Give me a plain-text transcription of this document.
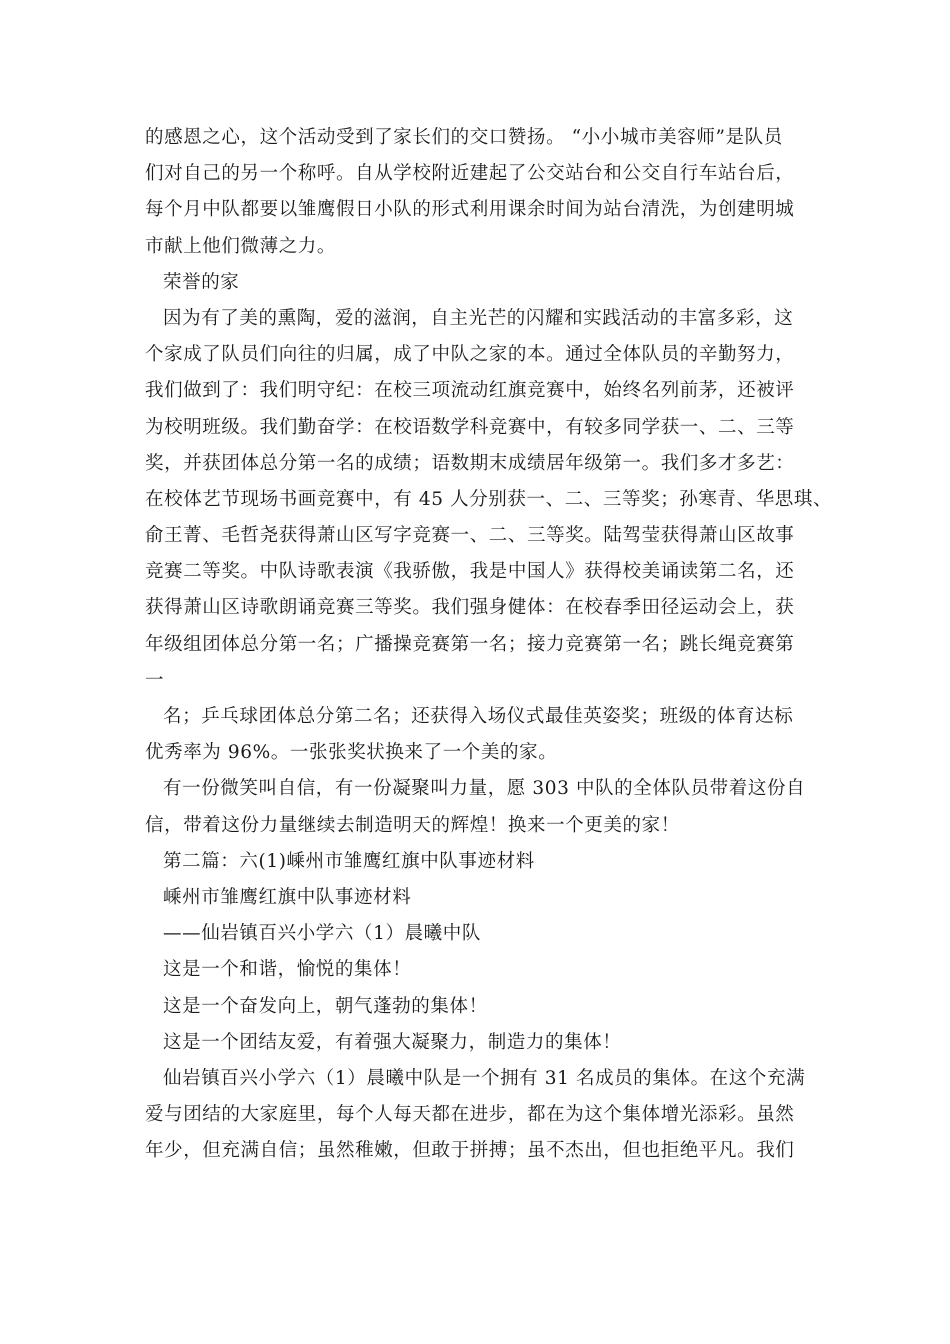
的感恩之心，这个活动受到了家长们的交口赞扬。 “小小城市美容师”是队员
们对自己的另一个称呼。自从学校附近建起了公交站台和公交自行车站台后，
每个月中队都要以雏鹰假日小队的形式利用课余时间为站台清洗，为创建明城
市献上他们微薄之力。
荣誉的家
因为有了美的熏陶，爱的滋润，自主光芒的闪耀和实践活动的丰富多彩，这
个家成了队员们向往的归属，成了中队之家的本。通过全体队员的辛勤努力，
我们做到了：我们明守纪：在校三项流动红旗竞赛中，始终名列前茅，还被评
为校明班级。我们勤奋学：在校语数学科竞赛中，有较多同学获一、二、三等
奖，并获团体总分第一名的成绩；语数期末成绩居年级第一。我们多才多艺：
在校体艺节现场书画竞赛中，有 45 人分别获一、二、三等奖；孙寒青、华思琪、
俞王菁、毛哲尧获得萧山区写字竞赛一、二、三等奖。陆驾莹获得萧山区故事
竞赛二等奖。中队诗歌表演《我骄傲，我是中国人》获得校美诵读第二名，还
获得萧山区诗歌朗诵竞赛三等奖。我们强身健体：在校春季田径运动会上，获
年级组团体总分第一名；广播操竞赛第一名；接力竞赛第一名；跳长绳竞赛第
一
名；乒乓球团体总分第二名；还获得入场仪式最佳英姿奖；班级的体育达标
优秀率为 96%。一张张奖状换来了一个美的家。
有一份微笑叫自信，有一份凝聚叫力量，愿 303 中队的全体队员带着这份自
信，带着这份力量继续去制造明天的辉煌！换来一个更美的家！
第二篇：六(1)嵊州市雏鹰红旗中队事迹材料
嵊州市雏鹰红旗中队事迹材料
——仙岩镇百兴小学六（1）晨曦中队
这是一个和谐，愉悦的集体！
这是一个奋发向上，朝气蓬勃的集体！
这是一个团结友爱，有着强大凝聚力，制造力的集体！
仙岩镇百兴小学六（1）晨曦中队是一个拥有 31 名成员的集体。在这个充满
爱与团结的大家庭里，每个人每天都在进步，都在为这个集体增光添彩。虽然
年少，但充满自信；虽然稚嫩，但敢于拼搏；虽不杰出，但也拒绝平凡。我们
